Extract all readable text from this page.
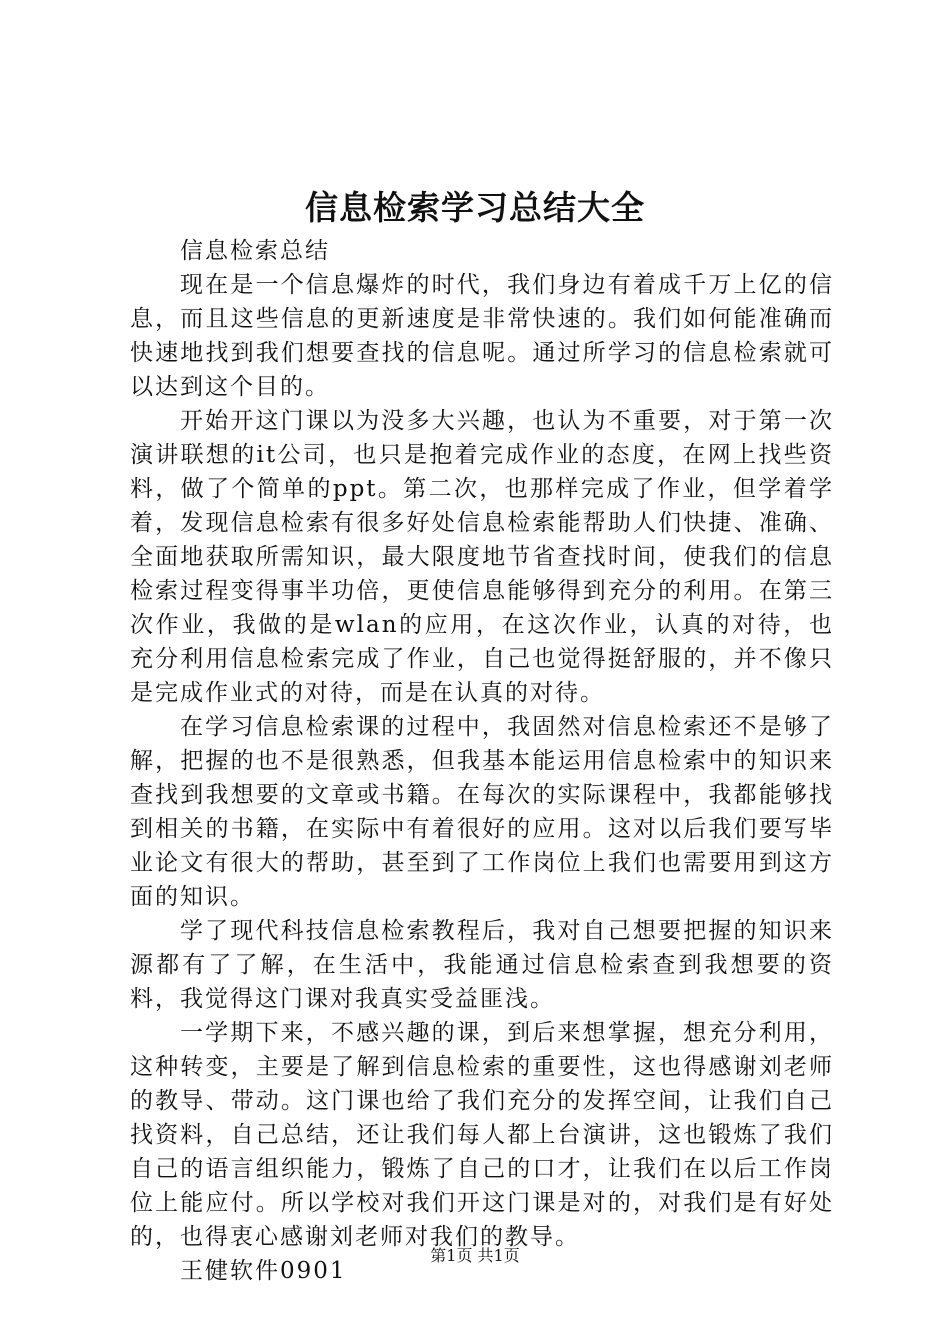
信息检索学习总结大全

信息检索总结

现在是一个信息爆炸的时代，我们身边有着成千万上亿的信息，而且这些信息的更新速度是非常快速的。我们如何能准确而快速地找到我们想要查找的信息呢。通过所学习的信息检索就可以达到这个目的。

开始开这门课以为没多大兴趣，也认为不重要，对于第一次演讲联想的it公司，也只是抱着完成作业的态度，在网上找些资料，做了个简单的ppt。第二次，也那样完成了作业，但学着学着，发现信息检索有很多好处信息检索能帮助人们快捷、准确、全面地获取所需知识，最大限度地节省查找时间，使我们的信息检索过程变得事半功倍，更使信息能够得到充分的利用。在第三次作业，我做的是wlan的应用，在这次作业，认真的对待，也充分利用信息检索完成了作业，自己也觉得挺舒服的，并不像只是完成作业式的对待，而是在认真的对待。

在学习信息检索课的过程中，我固然对信息检索还不是够了解，把握的也不是很熟悉，但我基本能运用信息检索中的知识来查找到我想要的文章或书籍。在每次的实际课程中，我都能够找到相关的书籍，在实际中有着很好的应用。这对以后我们要写毕业论文有很大的帮助，甚至到了工作岗位上我们也需要用到这方面的知识。

学了现代科技信息检索教程后，我对自己想要把握的知识来源都有了了解，在生活中，我能通过信息检索查到我想要的资料，我觉得这门课对我真实受益匪浅。

一学期下来，不感兴趣的课，到后来想掌握，想充分利用，这种转变，主要是了解到信息检索的重要性，这也得感谢刘老师的教导、带动。这门课也给了我们充分的发挥空间，让我们自己找资料，自己总结，还让我们每人都上台演讲，这也锻炼了我们自己的语言组织能力，锻炼了自己的口才，让我们在以后工作岗位上能应付。所以学校对我们开这门课是对的，对我们是有好处的，也得衷心感谢刘老师对我们的教导。

王健软件0901

第1页 共1页
